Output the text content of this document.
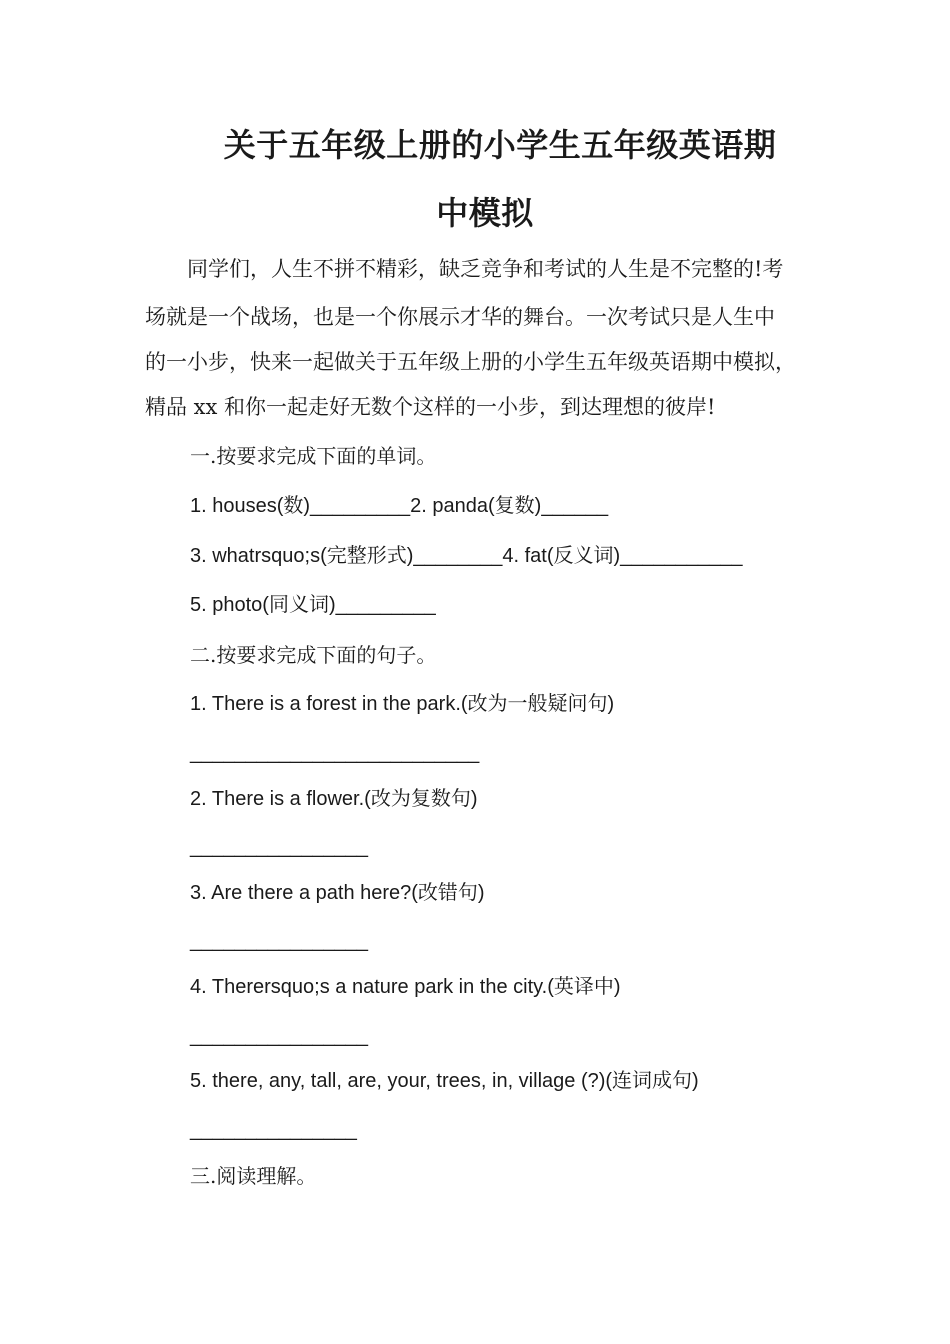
关于五年级上册的小学生五年级英语期
中模拟
　　同学们，人生不拼不精彩，缺乏竞争和考试的人生是不完整的!考
场就是一个战场，也是一个你展示才华的舞台。一次考试只是人生中
的一小步，快来一起做关于五年级上册的小学生五年级英语期中模拟，
精品 xx 和你一起走好无数个这样的一小步，到达理想的彼岸!
一.按要求完成下面的单词。
1. houses(数)_________2. panda(复数)______
3. whatrsquo;s(完整形式)________4. fat(反义词)___________
5. photo(同义词)_________
二.按要求完成下面的句子。
1. There is a forest in the park.(改为一般疑问句)
__________________________
2. There is a flower.(改为复数句)
________________
3. Are there a path here?(改错句)
________________
4. Therersquo;s a nature park in the city.(英译中)
________________
5. there, any, tall, are, your, trees, in, village (?)(连词成句)
_______________
三.阅读理解。
